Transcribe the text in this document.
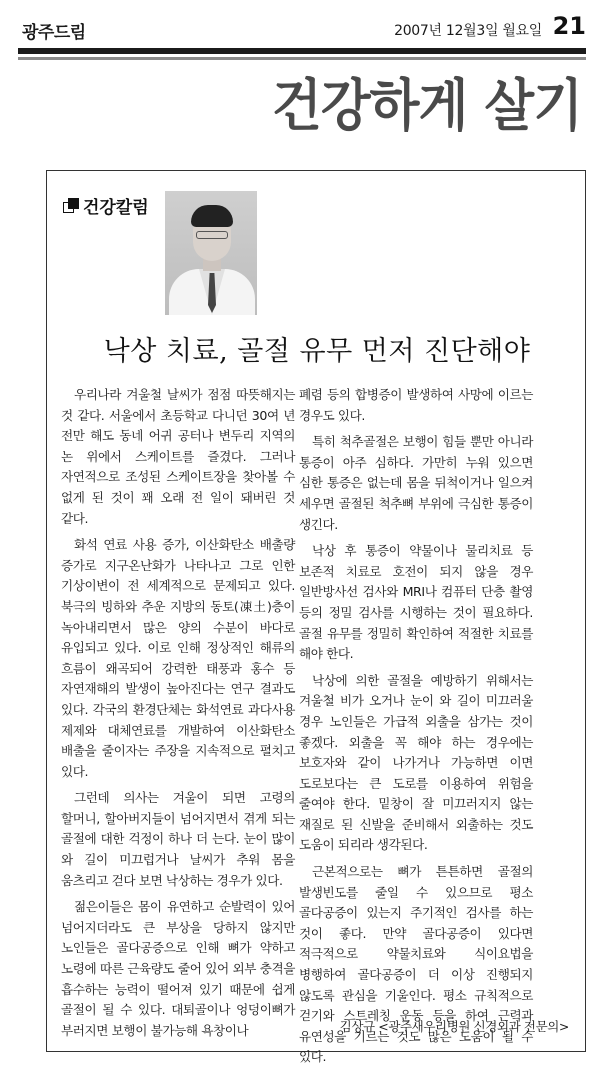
광주드림	2007년 12월3일 월요일 21
건강하게 살기
건강칼럼
낙상 치료, 골절 유무 먼저 진단해야

우리나라 겨울철 날씨가 점점 따뜻해지는 것 같다. 서울에서 초등학교 다니던 30여 년 전만 해도 동네 어귀 공터나 변두리 지역의 논 위에서 스케이트를 즐겼다. 그러나 자연적으로 조성된 스케이트장을 찾아볼 수 없게 된 것이 꽤 오래 전 일이 돼버린 것 같다.

화석 연료 사용 증가, 이산화탄소 배출량 증가로 지구온난화가 나타나고 그로 인한 기상이변이 전 세계적으로 문제되고 있다. 북극의 빙하와 추운 지방의 동토(凍土)층이 녹아내리면서 많은 양의 수분이 바다로 유입되고 있다. 이로 인해 정상적인 해류의 흐름이 왜곡되어 강력한 태풍과 홍수 등 자연재해의 발생이 높아진다는 연구 결과도 있다. 각국의 환경단체는 화석연료 과다사용 제제와 대체연료를 개발하여 이산화탄소 배출을 줄이자는 주장을 지속적으로 펼치고 있다.

그런데 의사는 겨울이 되면 고령의 할머니, 할아버지들이 넘어지면서 겪게 되는 골절에 대한 걱정이 하나 더 는다. 눈이 많이 와 길이 미끄럽거나 날씨가 추워 몸을 움츠리고 걷다 보면 낙상하는 경우가 있다.

젊은이들은 몸이 유연하고 순발력이 있어 넘어지더라도 큰 부상을 당하지 않지만 노인들은 골다공증으로 인해 뼈가 약하고 노령에 따른 근육량도 줄어 있어 외부 충격을 흡수하는 능력이 떨어져 있기 때문에 쉽게 골절이 될 수 있다. 대퇴골이나 엉덩이뼈가 부러지면 보행이 불가능해 욕창이나

폐렴 등의 합병증이 발생하여 사망에 이르는 경우도 있다.

특히 척추골절은 보행이 힘들 뿐만 아니라 통증이 아주 심하다. 가만히 누워 있으면 심한 통증은 없는데 몸을 뒤척이거나 일으켜 세우면 골절된 척추뼈 부위에 극심한 통증이 생긴다.

낙상 후 통증이 약물이나 물리치료 등 보존적 치료로 호전이 되지 않을 경우 일반방사선 검사와 MRI나 컴퓨터 단층 촬영 등의 정밀 검사를 시행하는 것이 필요하다. 골절 유무를 정밀히 확인하여 적절한 치료를 해야 한다.

낙상에 의한 골절을 예방하기 위해서는 겨울철 비가 오거나 눈이 와 길이 미끄러울 경우 노인들은 가급적 외출을 삼가는 것이 좋겠다. 외출을 꼭 해야 하는 경우에는 보호자와 같이 나가거나 가능하면 이면 도로보다는 큰 도로를 이용하여 위험을 줄여야 한다. 밑창이 잘 미끄러지지 않는 재질로 된 신발을 준비해서 외출하는 것도 도움이 되리라 생각된다.

근본적으로는 뼈가 튼튼하면 골절의 발생빈도를 줄일 수 있으므로 평소 골다공증이 있는지 주기적인 검사를 하는 것이 좋다. 만약 골다공증이 있다면 적극적으로 약물치료와 식이요법을 병행하여 골다공증이 더 이상 진행되지 않도록 관심을 기울인다. 평소 규칙적으로 걷기와 스트레칭 운동 등을 하여 근력과 유연성을 기르는 것도 많은 도움이 될 수 있다.

김상규 <광주새우리병원 신경외과 전문의>
